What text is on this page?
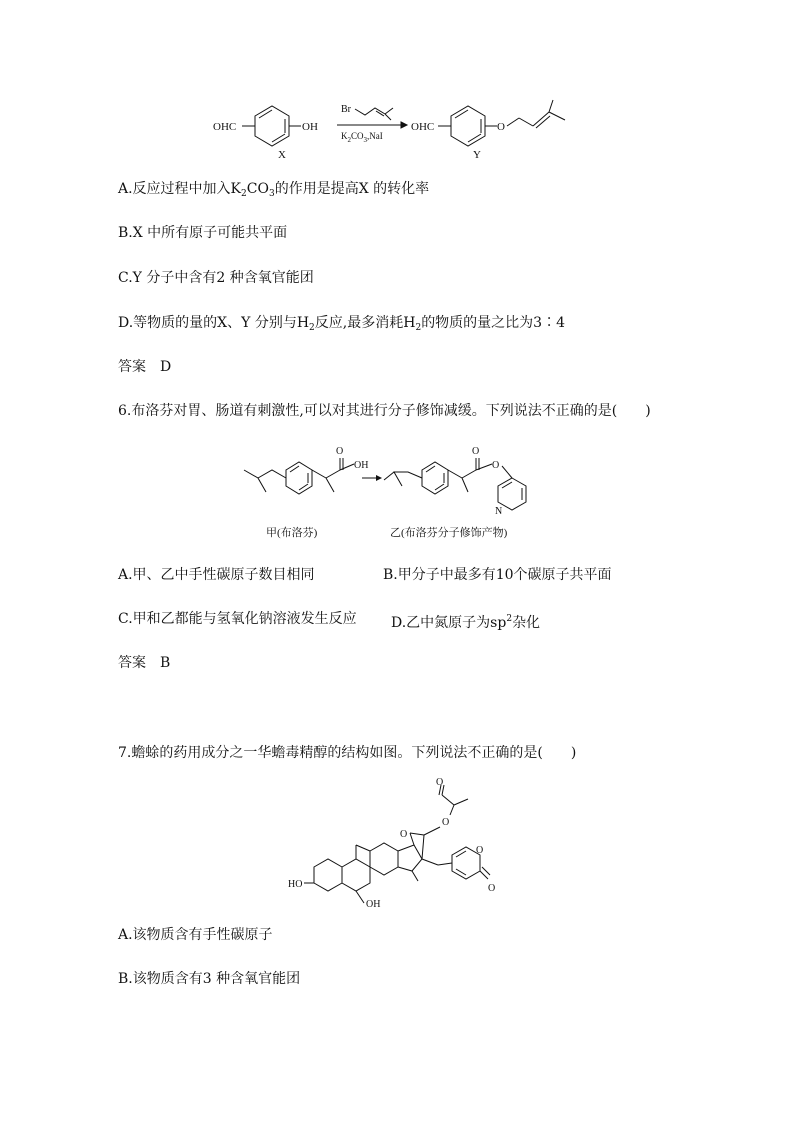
OHC	OH
X
Br
$K_2CO_3,NaI$
OHC	O
Y
A.反应过程中加入$K_2CO_3$的作用是提高X 的转化率
B.X 中所有原子可能共平面
C.Y 分子中含有2 种含氧官能团
D.等物质的量的X、Y 分别与$H_2$反应,最多消耗$H_2$的物质的量之比为3∶4
答案 D
6.布洛芬对胃、肠道有刺激性,可以对其进行分子修饰减缓。下列说法不正确的是(　　)
O
OH
O
O
N
甲(布洛芬)	乙(布洛芬分子修饰产物)
A.甲、乙中手性碳原子数目相同	B.甲分子中最多有10个碳原子共平面
C.甲和乙都能与氢氧化钠溶液发生反应 D.乙中氮原子为$sp^2$杂化
答案 B
7.蟾蜍的药用成分之一华蟾毒精醇的结构如图。下列说法不正确的是(　　)
HO
OH
O
O
O
O
O
A.该物质含有手性碳原子
B.该物质含有3 种含氧官能团
